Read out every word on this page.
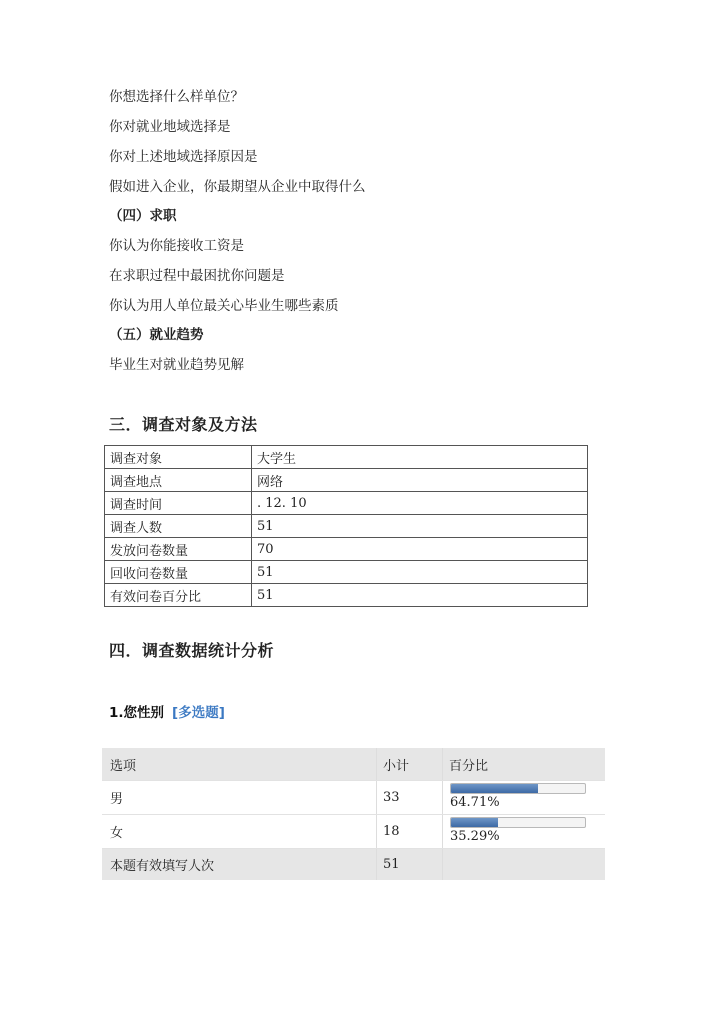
你想选择什么样单位？
你对就业地域选择是
你对上述地域选择原因是
假如进入企业，你最期望从企业中取得什么
（四）求职
你认为你能接收工资是
在求职过程中最困扰你问题是
你认为用人单位最关心毕业生哪些素质
（五）就业趋势
毕业生对就业趋势见解
三．调查对象及方法
调查对象	大学生
调查地点	网络
调查时间	. 12. 10
调查人数	51
发放问卷数量	70
回收问卷数量	51
有效问卷百分比	51
四．调查数据统计分析
1.您性别 [多选题]
选项	小计	百分比
男	33	64.71%
女	18	35.29%
本题有效填写人次	51
